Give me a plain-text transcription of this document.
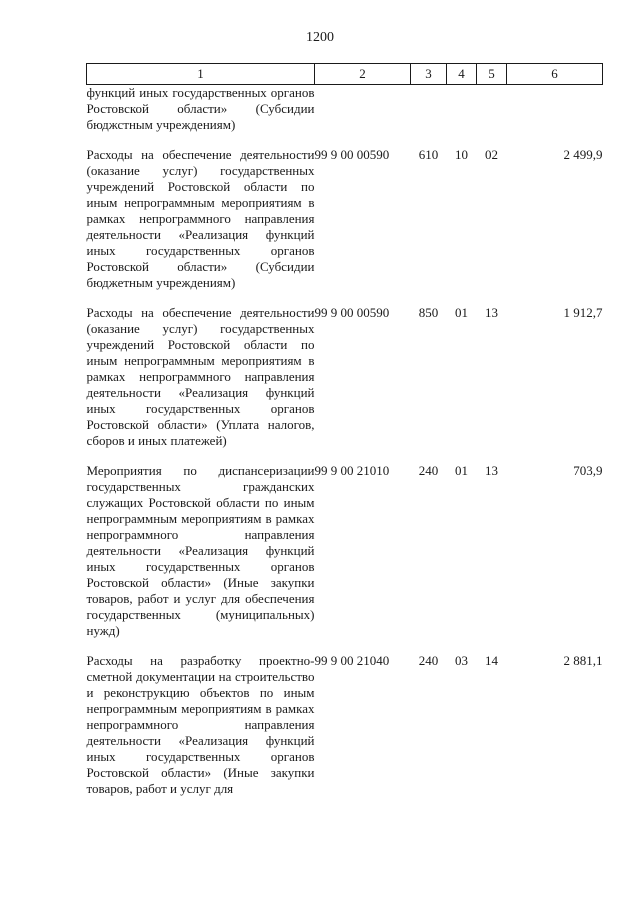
1200
1	2	3	4	5	6
функций иных государственных органов Ростовской области» (Субсидии бюджстным учреждениям)					

Расходы на обеспечение деятельности (оказание услуг) государственных учреждений Ростовской области по иным непрограммным мероприятиям в рамках непрограммного направления деятельности «Реализация функций иных государственных органов Ростовской области» (Субсидии бюджетным учреждениям)	99 9 00 00590	610	10	02	2 499,9

Расходы на обеспечение деятельности (оказание услуг) государственных учреждений Ростовской области по иным непрограммным мероприятиям в рамках непрограммного направления деятельности «Реализация функций иных государственных органов Ростовской области» (Уплата налогов, сборов и иных платежей)	99 9 00 00590	850	01	13	1 912,7

Мероприятия по диспансеризации государственных гражданских служащих Ростовской области по иным непрограммным мероприятиям в рамках непрограммного направления деятельности «Реализация функций иных государственных органов Ростовской области» (Иные закупки товаров, работ и услуг для обеспечения государственных (муниципальных) нужд)	99 9 00 21010	240	01	13	703,9

Расходы на разработку проектно-сметной документации на строительство и реконструкцию объектов по иным непрограммным мероприятиям в рамках непрограммного направления деятельности «Реализация функций иных государственных органов Ростовской области» (Иные закупки товаров, работ и услуг для	99 9 00 21040	240	03	14	2 881,1
